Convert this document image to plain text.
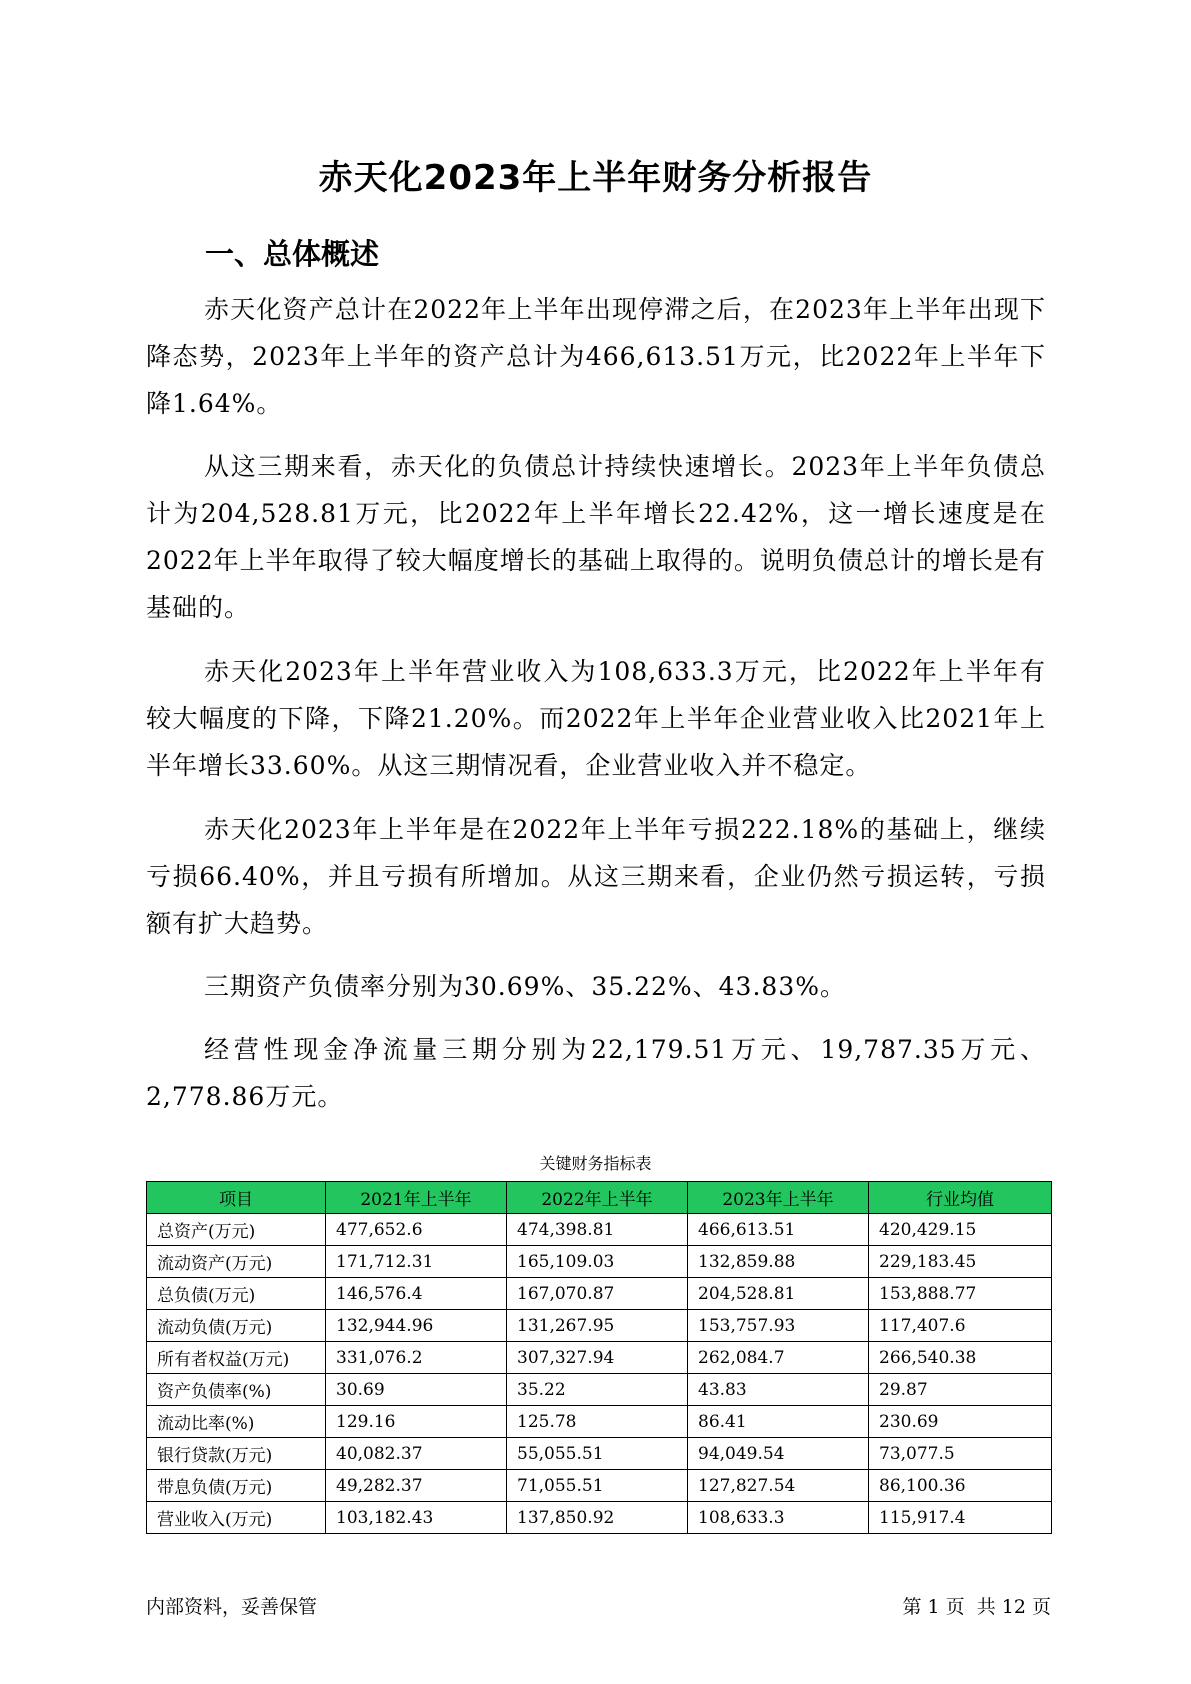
赤天化2023年上半年财务分析报告
一、总体概述

赤天化资产总计在2022年上半年出现停滞之后，在2023年上半年出现下降态势，2023年上半年的资产总计为466,613.51万元，比2022年上半年下降1.64%。

从这三期来看，赤天化的负债总计持续快速增长。2023年上半年负债总计为204,528.81万元，比2022年上半年增长22.42%，这一增长速度是在2022年上半年取得了较大幅度增长的基础上取得的。说明负债总计的增长是有基础的。

赤天化2023年上半年营业收入为108,633.3万元，比2022年上半年有较大幅度的下降，下降21.20%。而2022年上半年企业营业收入比2021年上半年增长33.60%。从这三期情况看，企业营业收入并不稳定。

赤天化2023年上半年是在2022年上半年亏损222.18%的基础上，继续亏损66.40%，并且亏损有所增加。从这三期来看，企业仍然亏损运转，亏损额有扩大趋势。

三期资产负债率分别为30.69%、35.22%、43.83%。

经营性现金净流量三期分别为22,179.51万元、19,787.35万元、2,778.86万元。

关键财务指标表
项目	2021年上半年	2022年上半年	2023年上半年	行业均值
总资产(万元)	477,652.6	474,398.81	466,613.51	420,429.15
流动资产(万元)	171,712.31	165,109.03	132,859.88	229,183.45
总负债(万元)	146,576.4	167,070.87	204,528.81	153,888.77
流动负债(万元)	132,944.96	131,267.95	153,757.93	117,407.6
所有者权益(万元)	331,076.2	307,327.94	262,084.7	266,540.38
资产负债率(%)	30.69	35.22	43.83	29.87
流动比率(%)	129.16	125.78	86.41	230.69
银行贷款(万元)	40,082.37	55,055.51	94,049.54	73,077.5
带息负债(万元)	49,282.37	71,055.51	127,827.54	86,100.36
营业收入(万元)	103,182.43	137,850.92	108,633.3	115,917.4
内部资料，妥善保管	第 1 页  共 12 页
